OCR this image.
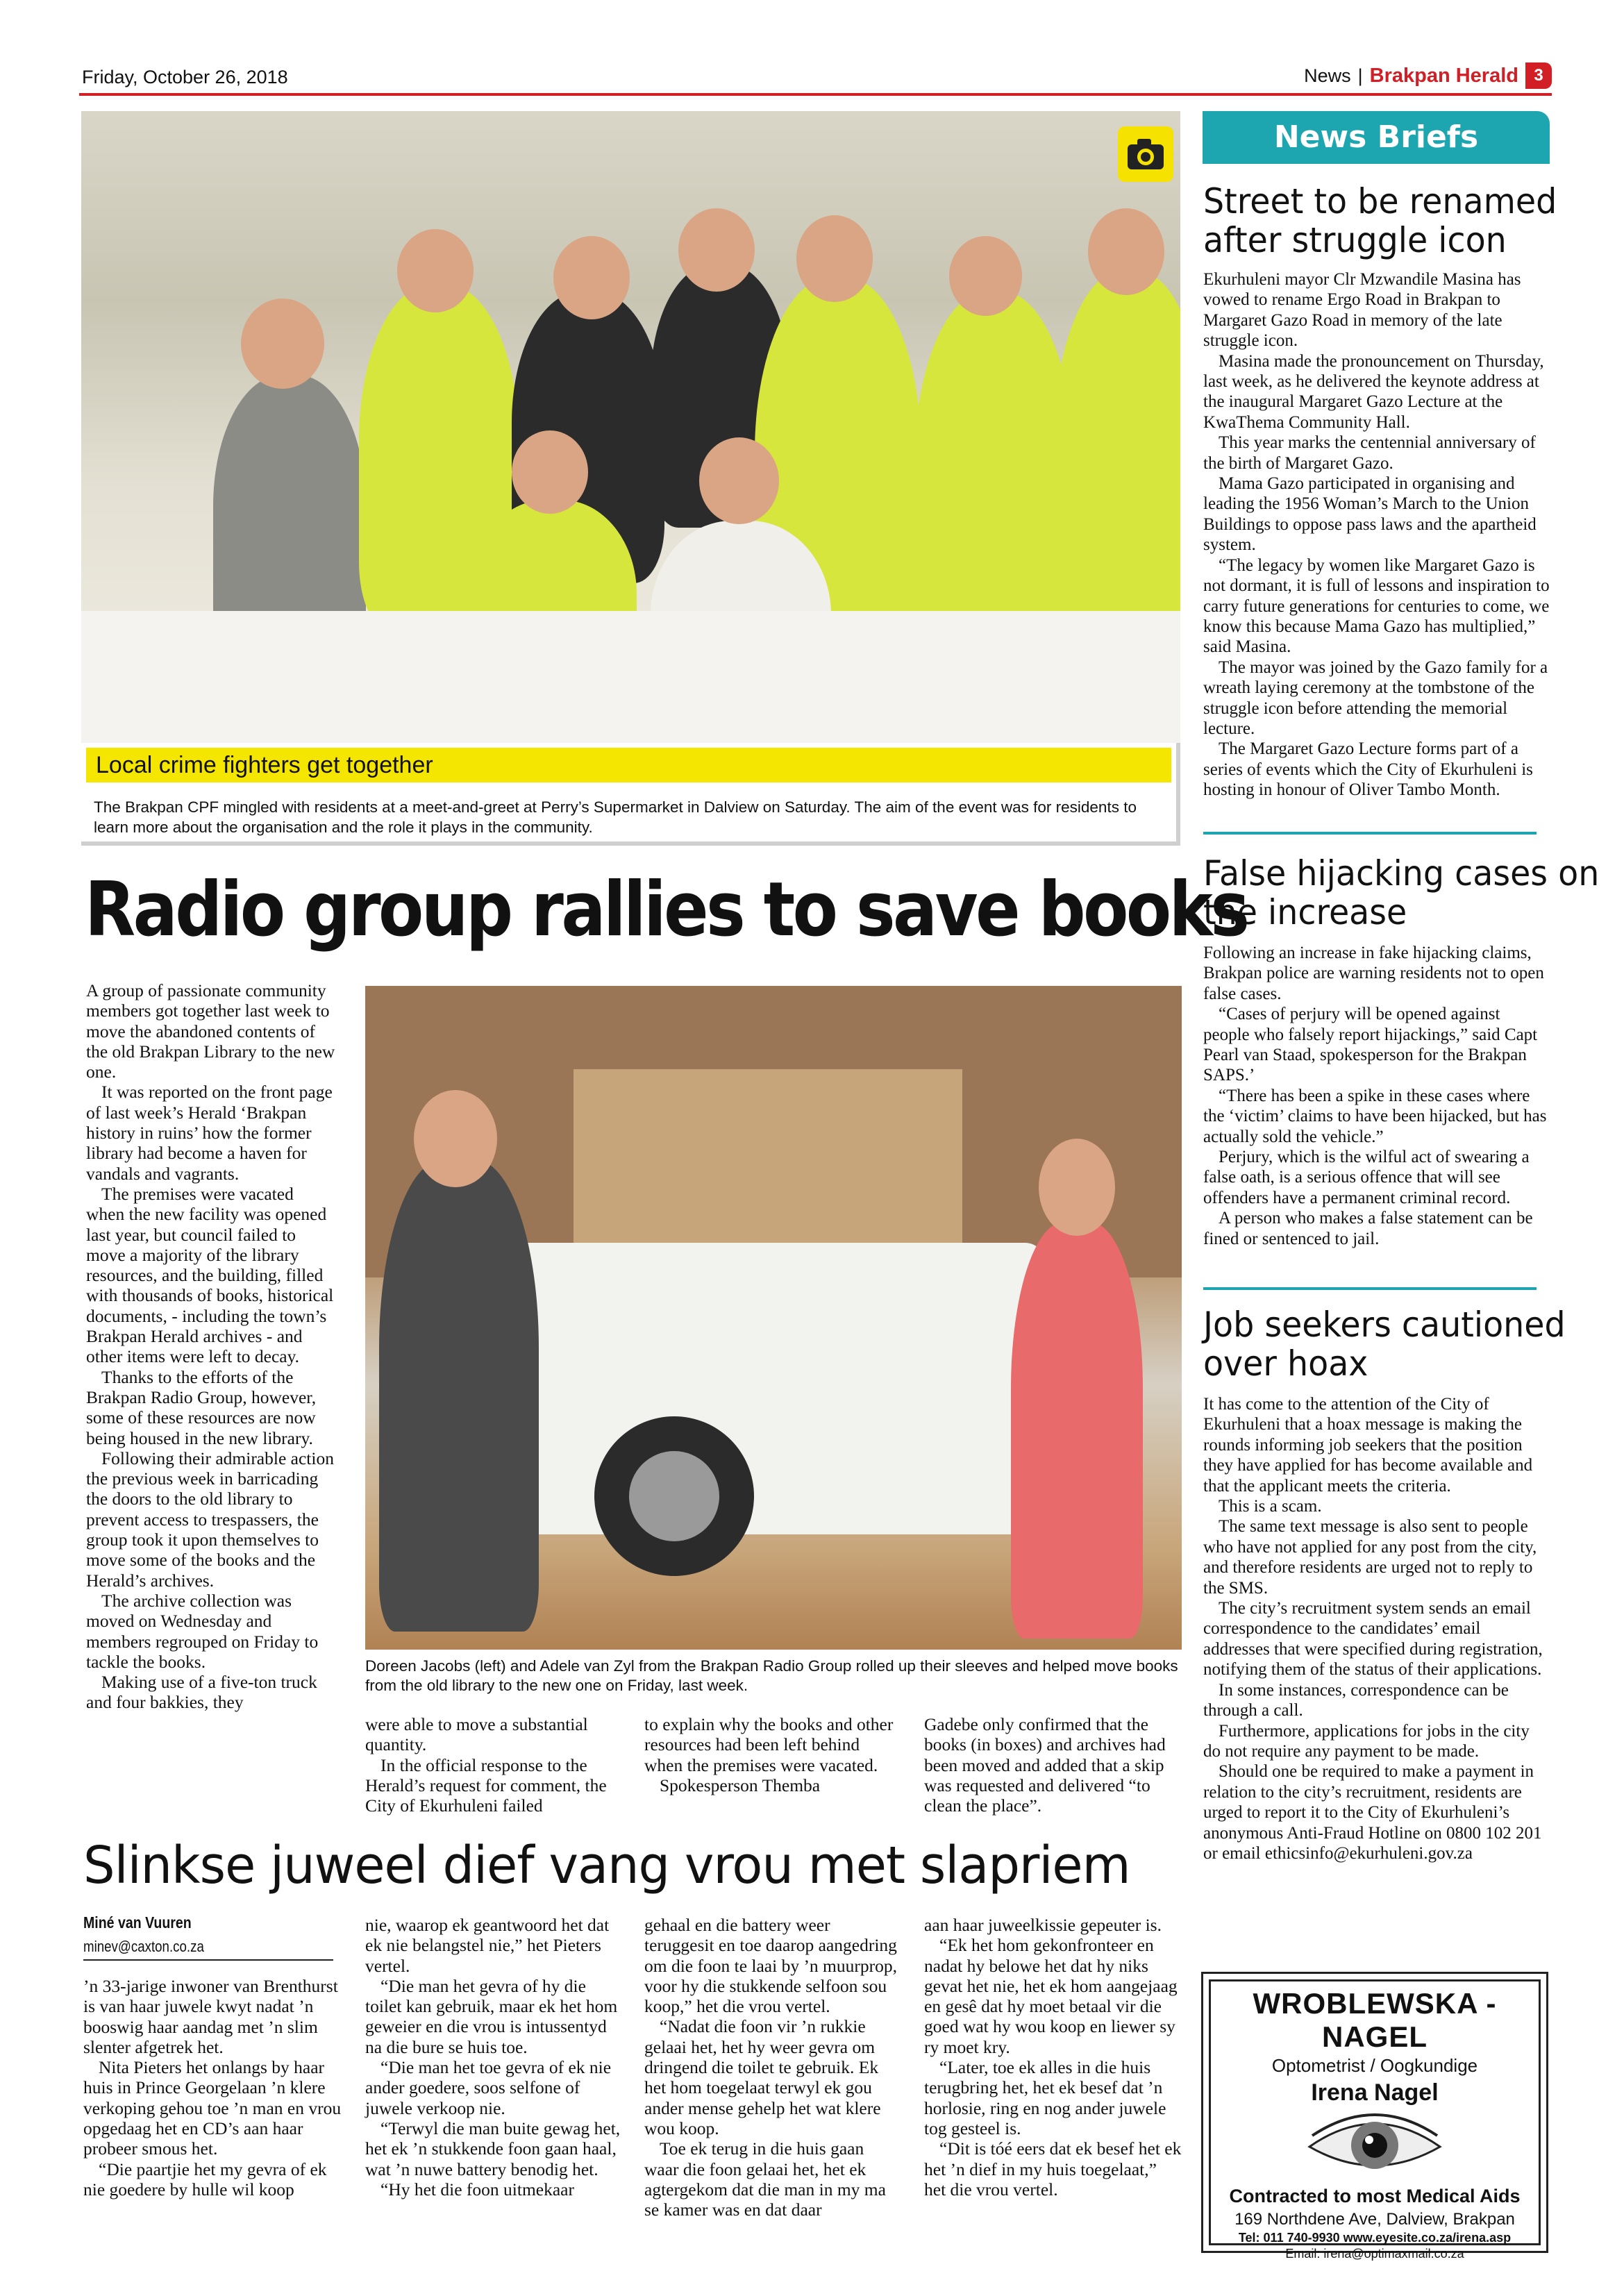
Friday, October 26, 2018	News | Brakpan Herald 3
Local crime fighters get together
The Brakpan CPF mingled with residents at a meet-and-greet at Perry’s Supermarket in Dalview on Saturday. The aim of the event was for residents to learn more about the organisation and the role it plays in the community.
Radio group rallies to save books

A group of passionate community members got together last week to move the abandoned contents of the old Brakpan Library to the new one.

It was reported on the front page of last week’s Herald ‘Brakpan history in ruins’ how the former library had become a haven for vandals and vagrants.

The premises were vacated when the new facility was opened last year, but council failed to move a majority of the library resources, and the building, filled with thousands of books, historical documents, - including the town’s Brakpan Herald archives - and other items were left to decay.

Thanks to the efforts of the Brakpan Radio Group, however, some of these resources are now being housed in the new library.

Following their admirable action the previous week in barricading the doors to the old library to prevent access to trespassers, the group took it upon themselves to move some of the books and the Herald’s archives.

The archive collection was moved on Wednesday and members regrouped on Friday to tackle the books.

Making use of a five-ton truck and four bakkies, they

Doreen Jacobs (left) and Adele van Zyl from the Brakpan Radio Group rolled up their sleeves and helped move books from the old library to the new one on Friday, last week.

were able to move a substantial quantity.

In the official response to the Herald’s request for comment, the City of Ekurhuleni failed

to explain why the books and other resources had been left behind when the premises were vacated.

Spokesperson Themba

Gadebe only confirmed that the books (in boxes) and archives had been moved and added that a skip was requested and delivered “to clean the place”.

Slinkse juweel dief vang vrou met slapriem
Miné van Vuuren
minev@caxton.co.za

’n 33-jarige inwoner van Brenthurst is van haar juwele kwyt nadat ’n booswig haar aandag met ’n slim slenter afgetrek het.

Nita Pieters het onlangs by haar huis in Prince Georgelaan ’n klere verkoping gehou toe ’n man en vrou opgedaag het en CD’s aan haar probeer smous het.

“Die paartjie het my gevra of ek nie goedere by hulle wil koop

nie, waarop ek geantwoord het dat ek nie belangstel nie,” het Pieters vertel.

“Die man het gevra of hy die toilet kan gebruik, maar ek het hom geweier en die vrou is intussentyd na die bure se huis toe.

“Die man het toe gevra of ek nie ander goedere, soos selfone of juwele verkoop nie.

“Terwyl die man buite gewag het, het ek ’n stukkende foon gaan haal, wat ’n nuwe battery benodig het.

“Hy het die foon uitmekaar

gehaal en die battery weer teruggesit en toe daarop aangedring om die foon te laai by ’n muurprop, voor hy die stukkende selfoon sou koop,” het die vrou vertel.

“Nadat die foon vir ’n rukkie gelaai het, het hy weer gevra om dringend die toilet te gebruik. Ek het hom toegelaat terwyl ek gou ander mense gehelp het wat klere wou koop.

Toe ek terug in die huis gaan waar die foon gelaai het, het ek agtergekom dat die man in my ma se kamer was en dat daar

aan haar juweelkissie gepeuter is.

“Ek het hom gekonfronteer en nadat hy belowe het dat hy niks gevat het nie, het ek hom aangejaag en gesê dat hy moet betaal vir die goed wat hy wou koop en liewer sy ry moet kry.

“Later, toe ek alles in die huis terugbring het, het ek besef dat ’n horlosie, ring en nog ander juwele tog gesteel is.

“Dit is tóé eers dat ek besef het ek het ’n dief in my huis toegelaat,” het die vrou vertel.

News Briefs
Street to be renamed after struggle icon

Ekurhuleni mayor Clr Mzwandile Masina has vowed to rename Ergo Road in Brakpan to Margaret Gazo Road in memory of the late struggle icon.

Masina made the pronouncement on Thursday, last week, as he delivered the keynote address at the inaugural Margaret Gazo Lecture at the KwaThema Community Hall.

This year marks the centennial anniversary of the birth of Margaret Gazo.

Mama Gazo participated in organising and leading the 1956 Woman’s March to the Union Buildings to oppose pass laws and the apartheid system.

“The legacy by women like Margaret Gazo is not dormant, it is full of lessons and inspiration to carry future generations for centuries to come, we know this because Mama Gazo has multiplied,” said Masina.

The mayor was joined by the Gazo family for a wreath laying ceremony at the tombstone of the struggle icon before attending the memorial lecture.

The Margaret Gazo Lecture forms part of a series of events which the City of Ekurhuleni is hosting in honour of Oliver Tambo Month.

False hijacking cases on the increase

Following an increase in fake hijacking claims, Brakpan police are warning residents not to open false cases.

“Cases of perjury will be opened against people who falsely report hijackings,” said Capt Pearl van Staad, spokesperson for the Brakpan SAPS.’

“There has been a spike in these cases where the ‘victim’ claims to have been hijacked, but has actually sold the vehicle.”

Perjury, which is the wilful act of swearing a false oath, is a serious offence that will see offenders have a permanent criminal record.

A person who makes a false statement can be fined or sentenced to jail.

Job seekers cautioned over hoax

It has come to the attention of the City of Ekurhuleni that a hoax message is making the rounds informing job seekers that the position they have applied for has become available and that the applicant meets the criteria.

This is a scam.

The same text message is also sent to people who have not applied for any post from the city, and therefore residents are urged not to reply to the SMS.

The city’s recruitment system sends an email correspondence to the candidates’ email addresses that were specified during registration, notifying them of the status of their applications.

In some instances, correspondence can be through a call.

Furthermore, applications for jobs in the city do not require any payment to be made.

Should one be required to make a payment in relation to the city’s recruitment, residents are urged to report it to the City of Ekurhuleni’s anonymous Anti-Fraud Hotline on 0800 102 201 or email ethicsinfo@ekurhuleni.gov.za

WROBLEWSKA - NAGEL
Optometrist / Oogkundige
Irena Nagel
Contracted to most Medical Aids
169 Northdene Ave, Dalview, Brakpan
Tel: 011 740-9930 www.eyesite.co.za/irena.asp
Email: irena@optimaxmail.co.za
